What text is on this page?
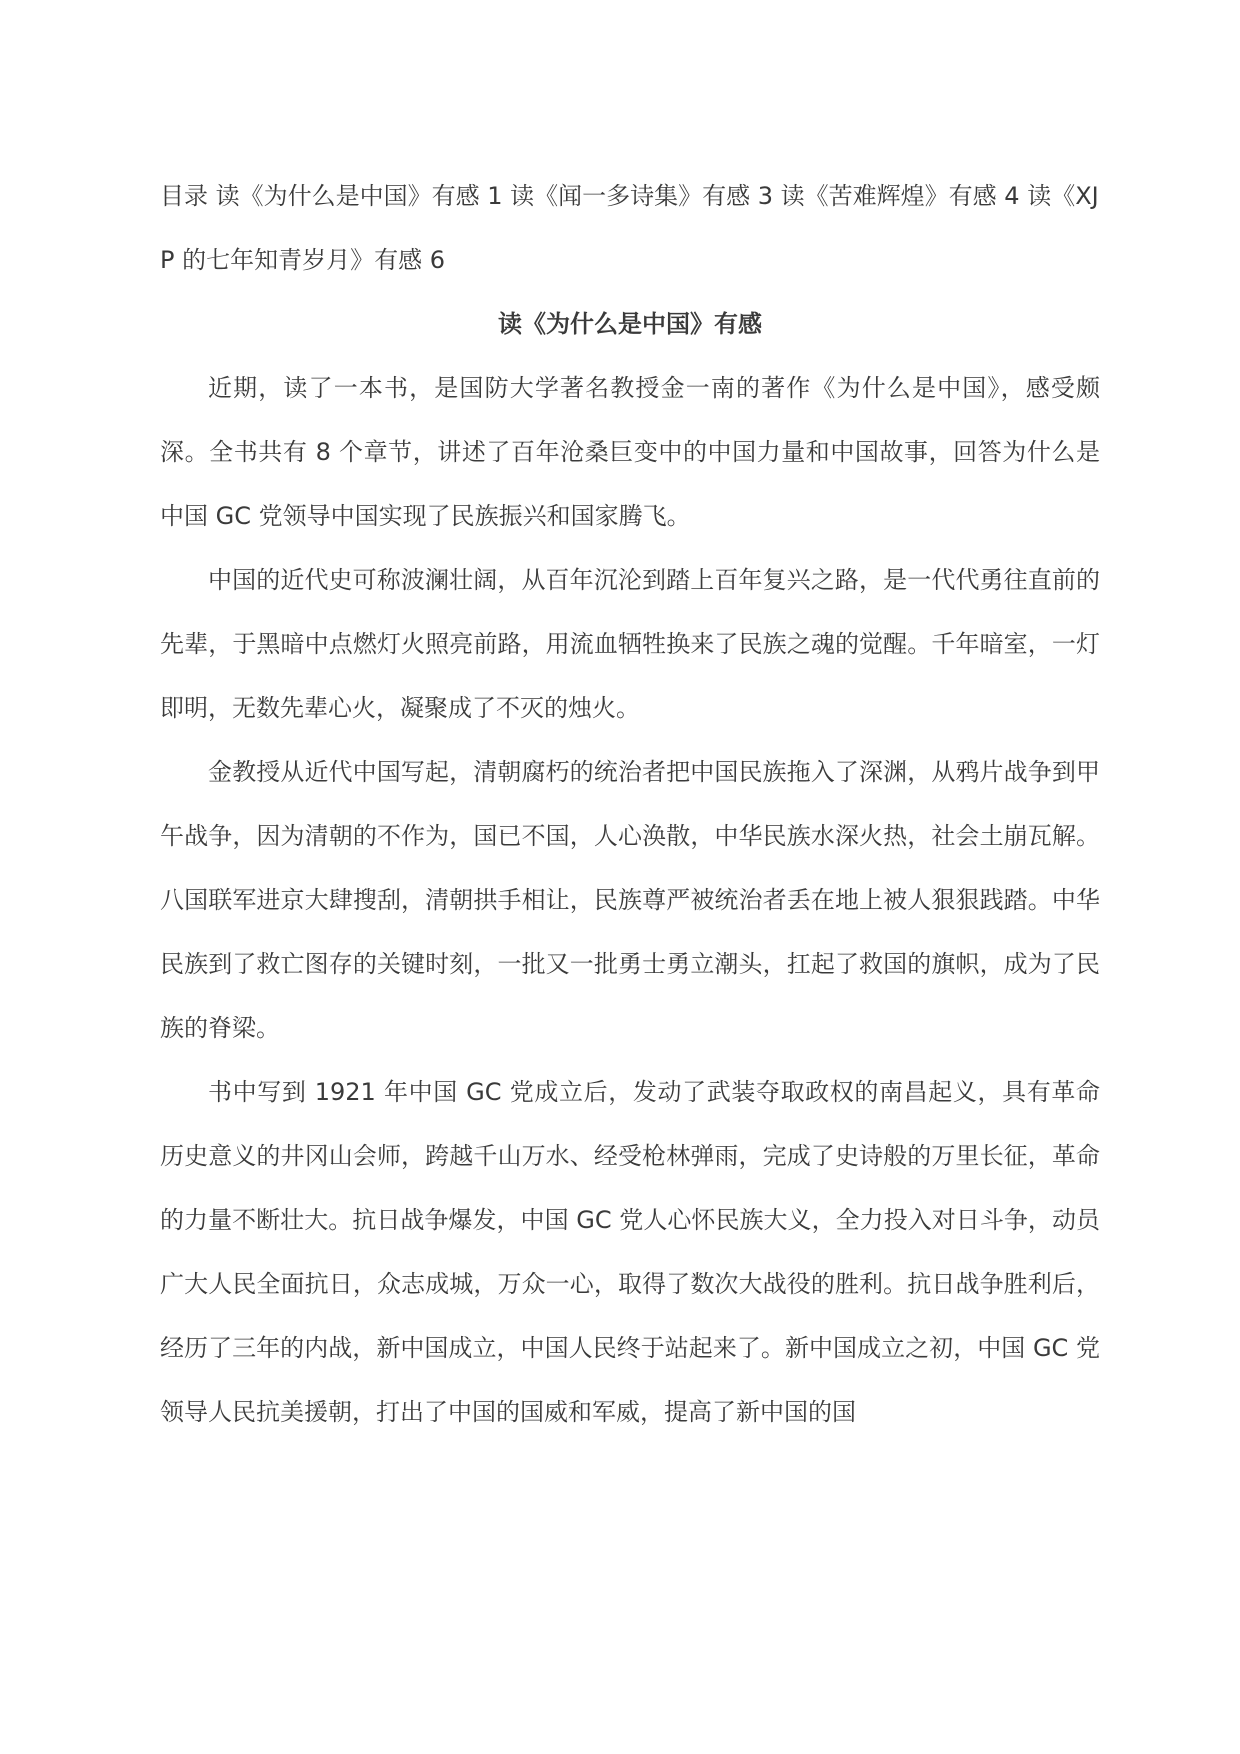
目录 读《为什么是中国》有感 1 读《闻一多诗集》有感 3 读《苦难辉煌》有感 4 读《XJP 的七年知青岁月》有感 6

读《为什么是中国》有感

近期，读了一本书，是国防大学著名教授金一南的著作《为什么是中国》，感受颇深。全书共有 8 个章节，讲述了百年沧桑巨变中的中国力量和中国故事，回答为什么是中国 GC 党领导中国实现了民族振兴和国家腾飞。

中国的近代史可称波澜壮阔，从百年沉沦到踏上百年复兴之路，是一代代勇往直前的先辈，于黑暗中点燃灯火照亮前路，用流血牺牲换来了民族之魂的觉醒。千年暗室，一灯即明，无数先辈心火，凝聚成了不灭的烛火。

金教授从近代中国写起，清朝腐朽的统治者把中国民族拖入了深渊，从鸦片战争到甲午战争，因为清朝的不作为，国已不国，人心涣散，中华民族水深火热，社会土崩瓦解。八国联军进京大肆搜刮，清朝拱手相让，民族尊严被统治者丢在地上被人狠狠践踏。中华民族到了救亡图存的关键时刻，一批又一批勇士勇立潮头，扛起了救国的旗帜，成为了民族的脊梁。

书中写到 1921 年中国 GC 党成立后，发动了武装夺取政权的南昌起义，具有革命历史意义的井冈山会师，跨越千山万水、经受枪林弹雨，完成了史诗般的万里长征，革命的力量不断壮大。抗日战争爆发，中国 GC 党人心怀民族大义，全力投入对日斗争，动员广大人民全面抗日，众志成城，万众一心，取得了数次大战役的胜利。抗日战争胜利后，经历了三年的内战，新中国成立，中国人民终于站起来了。新中国成立之初，中国 GC 党领导人民抗美援朝，打出了中国的国威和军威，提高了新中国的国
